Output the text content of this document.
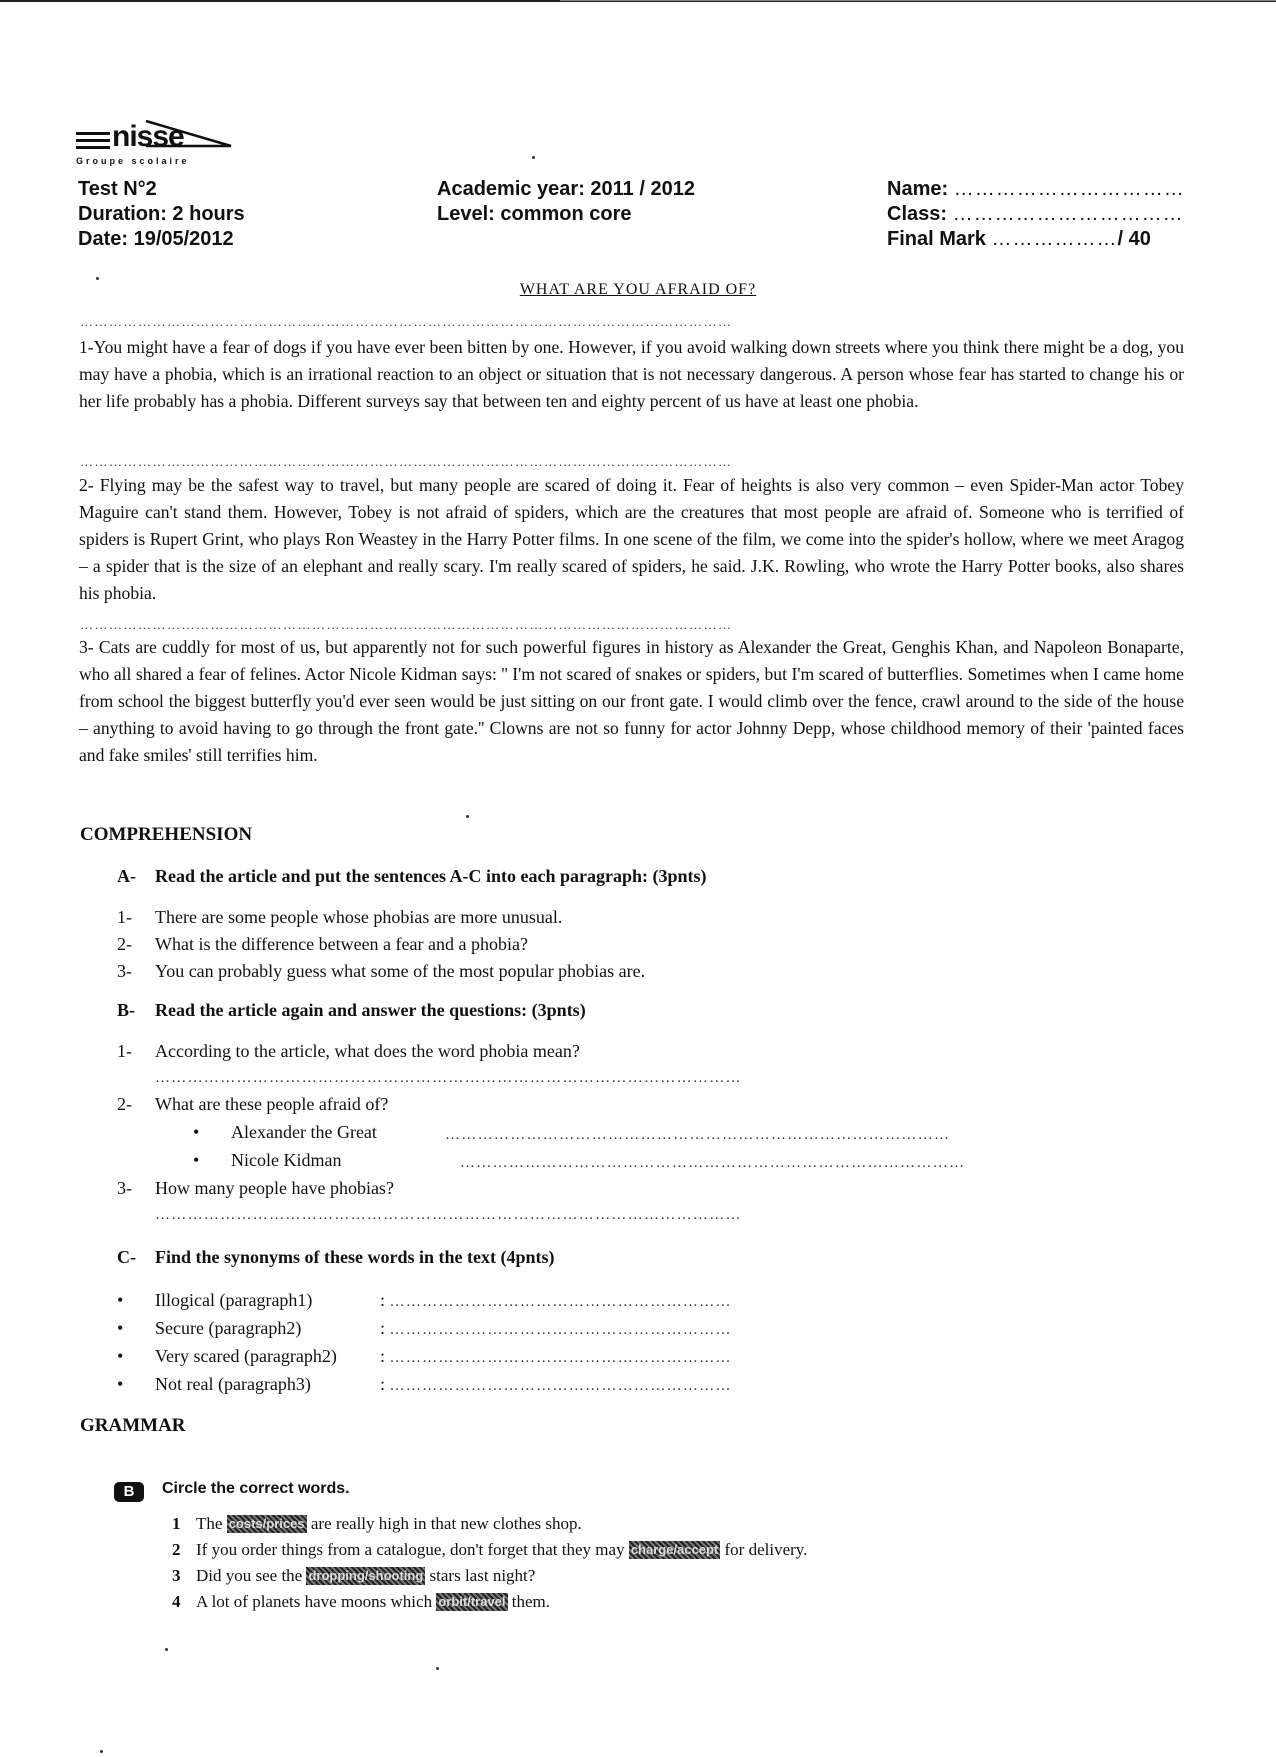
nisse
Groupe scolaire
Test N°2
Duration: 2 hours
Date: 19/05/2012
Academic year: 2011 / 2012
Level: common core
Name: ……………………………
Class: ……………………………
Final Mark ………………/ 40
WHAT ARE YOU AFRAID OF?
………………………………………………………………………………………………………………………
1-You might have a fear of dogs if you have ever been bitten by one. However, if you avoid walking down streets where you think there might be a dog, you may have a phobia, which is an irrational reaction to an object or situation that is not necessary dangerous. A person whose fear has started to change his or her life probably has a phobia. Different surveys say that between ten and eighty percent of us have at least one phobia.
………………………………………………………………………………………………………………………
2- Flying may be the safest way to travel, but many people are scared of doing it. Fear of heights is also very common – even Spider-Man actor Tobey Maguire can't stand them. However, Tobey is not afraid of spiders, which are the creatures that most people are afraid of. Someone who is terrified of spiders is Rupert Grint, who plays Ron Weastey in the Harry Potter films. In one scene of the film, we come into the spider's hollow, where we meet Aragog – a spider that is the size of an elephant and really scary. I'm really scared of spiders, he said. J.K. Rowling, who wrote the Harry Potter books, also shares his phobia.
………………………………………………………………………………………………………………………
3- Cats are cuddly for most of us, but apparently not for such powerful figures in history as Alexander the Great, Genghis Khan, and Napoleon Bonaparte, who all shared a fear of felines. Actor Nicole Kidman says: '' I'm not scared of snakes or spiders, but I'm scared of butterflies. Sometimes when I came home from school the biggest butterfly you'd ever seen would be just sitting on our front gate. I would climb over the fence, crawl around to the side of the house – anything to avoid having to go through the front gate.'' Clowns are not so funny for actor Johnny Depp, whose childhood memory of their 'painted faces and fake smiles' still terrifies him.
COMPREHENSION
A- Read the article and put the sentences A-C into each paragraph: (3pnts)
1- There are some people whose phobias are more unusual.
2- What is the difference between a fear and a phobia?
3- You can probably guess what some of the most popular phobias are.
B- Read the article again and answer the questions: (3pnts)
1- According to the article, what does the word phobia mean?
………………………………………………………………………………………………
2- What are these people afraid of?
• Alexander the Great	…………………………………………………………………………………
• Nicole Kidman	…………………………………………………………………………………
3- How many people have phobias?
………………………………………………………………………………………………
C- Find the synonyms of these words in the text (4pnts)
• Illogical (paragraph1)	: ………………………………………………………
• Secure (paragraph2)	: ………………………………………………………
• Very scared (paragraph2) : ………………………………………………………
• Not real (paragraph3)	: ………………………………………………………
GRAMMAR
B	Circle the correct words.
1 The costs/prices are really high in that new clothes shop.
2 If you order things from a catalogue, don't forget that they may charge/accept for delivery.
3 Did you see the dropping/shooting stars last night?
4 A lot of planets have moons which orbit/travel them.
